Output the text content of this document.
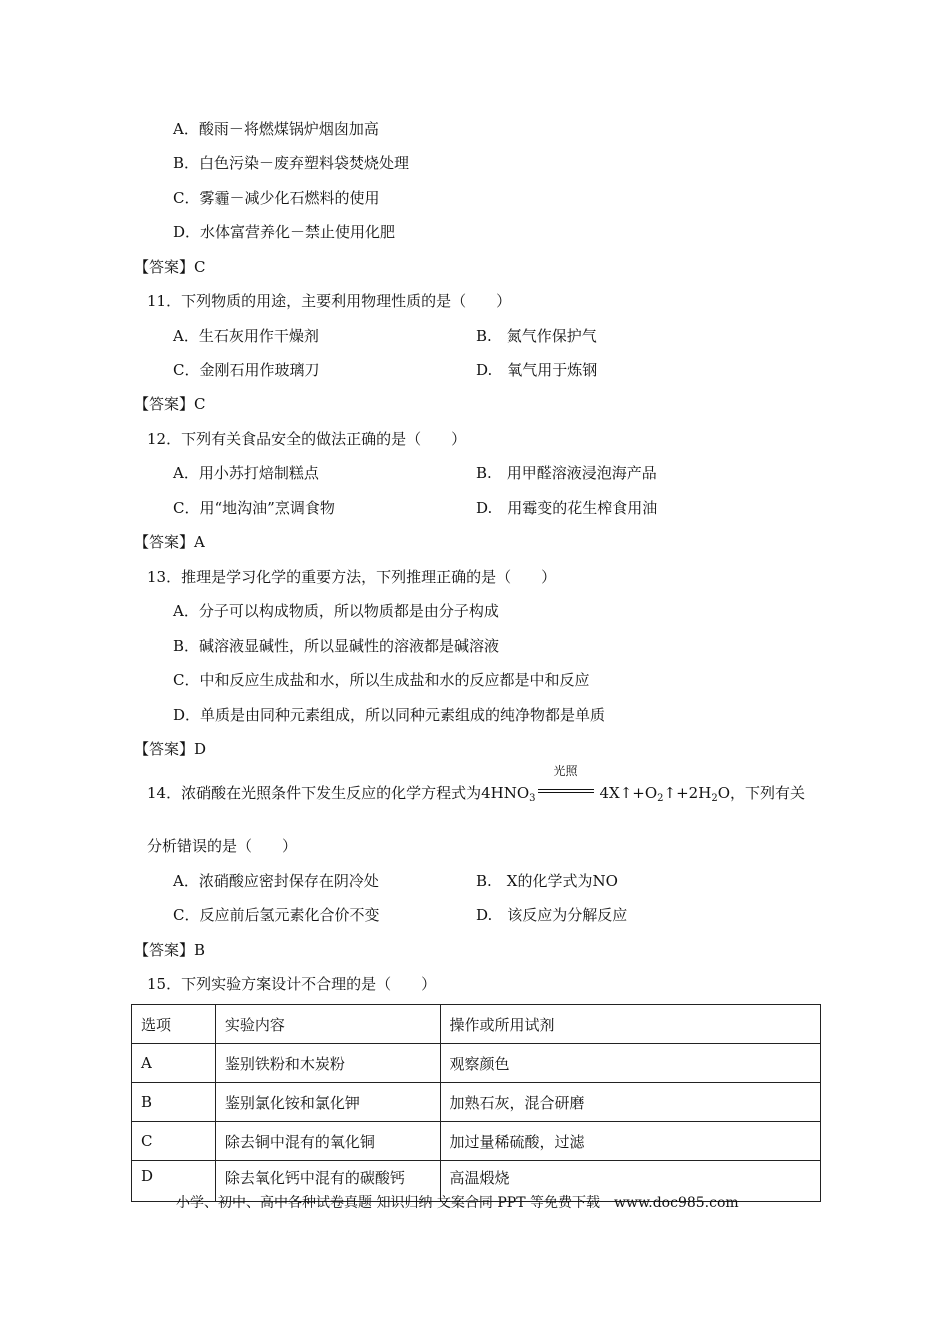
A．酸雨－将燃煤锅炉烟囱加高
B．白色污染－废弃塑料袋焚烧处理
C．雾霾－减少化石燃料的使用
D．水体富营养化－禁止使用化肥
【答案】C
11．下列物质的用途，主要利用物理性质的是（　　）
A．生石灰用作干燥剂	B.　氮气作保护气
C．金刚石用作玻璃刀	D.　氧气用于炼钢
【答案】C
12．下列有关食品安全的做法正确的是（　　）
A．用小苏打焙制糕点	B.　用甲醛溶液浸泡海产品
C．用“地沟油”烹调食物	D.　用霉变的花生榨食用油
【答案】A
13．推理是学习化学的重要方法，下列推理正确的是（　　）
A．分子可以构成物质，所以物质都是由分子构成
B．碱溶液显碱性，所以显碱性的溶液都是碱溶液
C．中和反应生成盐和水，所以生成盐和水的反应都是中和反应
D．单质是由同种元素组成，所以同种元素组成的纯净物都是单质
【答案】D
14．浓硝酸在光照条件下发生反应的化学方程式为 $4HNO_3$
光照
$4X↑+O_2↑+2H_2O$，下列有关
分析错误的是（　　）
A．浓硝酸应密封保存在阴冷处	B.　X的化学式为NO
C．反应前后氢元素化合价不变	D.　该反应为分解反应
【答案】B
15．下列实验方案设计不合理的是（　　）
选项	实验内容	操作或所用试剂
A	鉴别铁粉和木炭粉	观察颜色
B	鉴别氯化铵和氯化钾	加熟石灰，混合研磨
C	除去铜中混有的氧化铜	加过量稀硫酸，过滤
D	除去氧化钙中混有的碳酸钙	高温煅烧
小学、初中、高中各种试卷真题 知识归纳 文案合同 PPT 等免费下载　www.doc985.com
